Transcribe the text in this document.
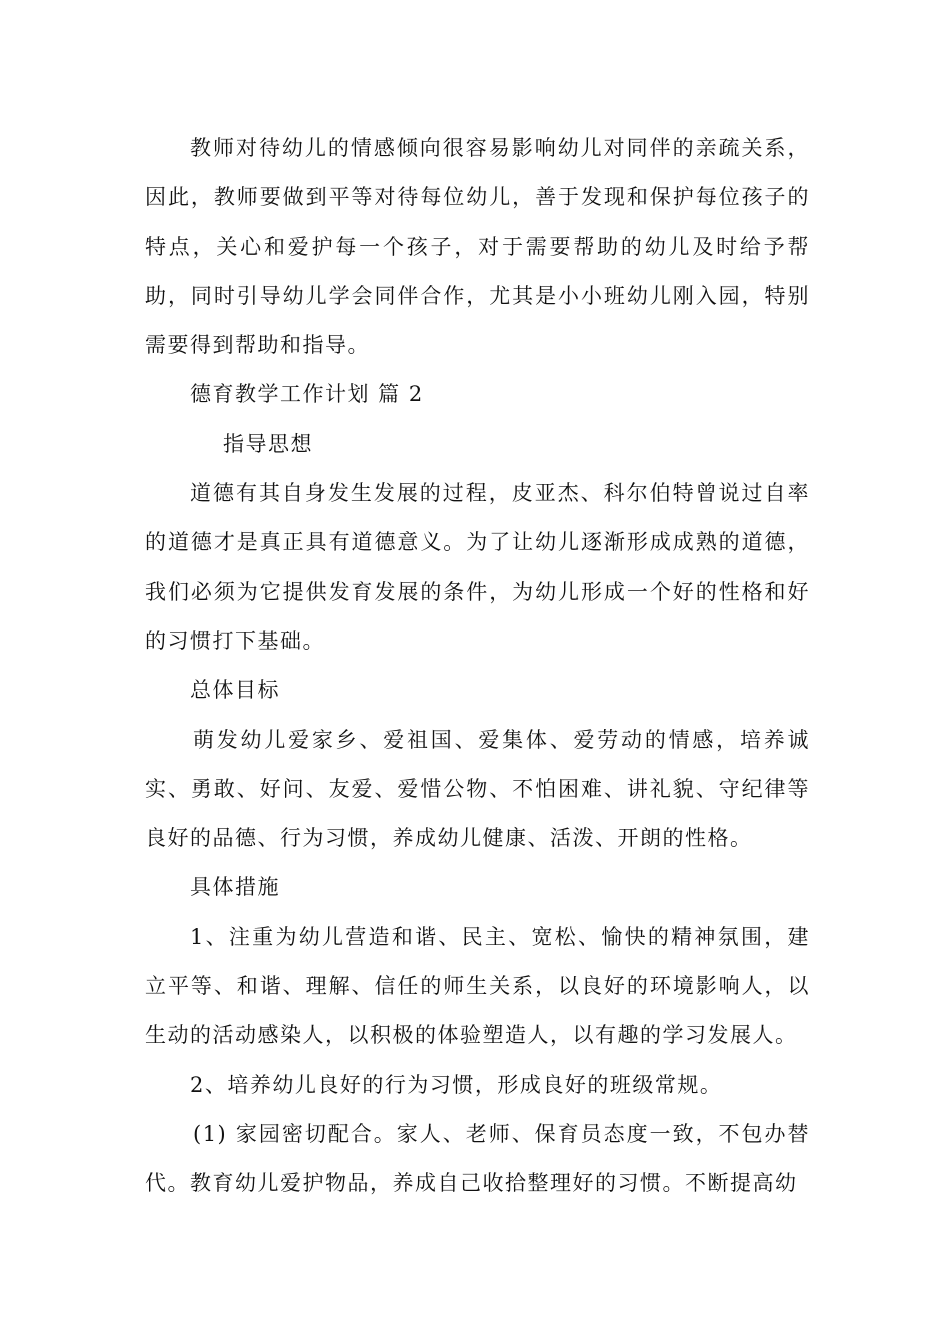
教师对待幼儿的情感倾向很容易影响幼儿对同伴的亲疏关系，因此，教师要做到平等对待每位幼儿，善于发现和保护每位孩子的特点，关心和爱护每一个孩子，对于需要帮助的幼儿及时给予帮助，同时引导幼儿学会同伴合作，尤其是小小班幼儿刚入园，特别需要得到帮助和指导。

德育教学工作计划 篇 2

指导思想

道德有其自身发生发展的过程，皮亚杰、科尔伯特曾说过自率的道德才是真正具有道德意义。为了让幼儿逐渐形成成熟的道德，我们必须为它提供发育发展的条件，为幼儿形成一个好的性格和好的习惯打下基础。

总体目标

萌发幼儿爱家乡、爱祖国、爱集体、爱劳动的情感，培养诚实、勇敢、好问、友爱、爱惜公物、不怕困难、讲礼貌、守纪律等良好的品德、行为习惯，养成幼儿健康、活泼、开朗的性格。

具体措施

1、注重为幼儿营造和谐、民主、宽松、愉快的精神氛围，建立平等、和谐、理解、信任的师生关系，以良好的环境影响人，以生动的活动感染人，以积极的体验塑造人，以有趣的学习发展人。

2、培养幼儿良好的行为习惯，形成良好的班级常规。

(1) 家园密切配合。家人、老师、保育员态度一致，不包办替代。教育幼儿爱护物品，养成自己收拾整理好的习惯。不断提高幼
